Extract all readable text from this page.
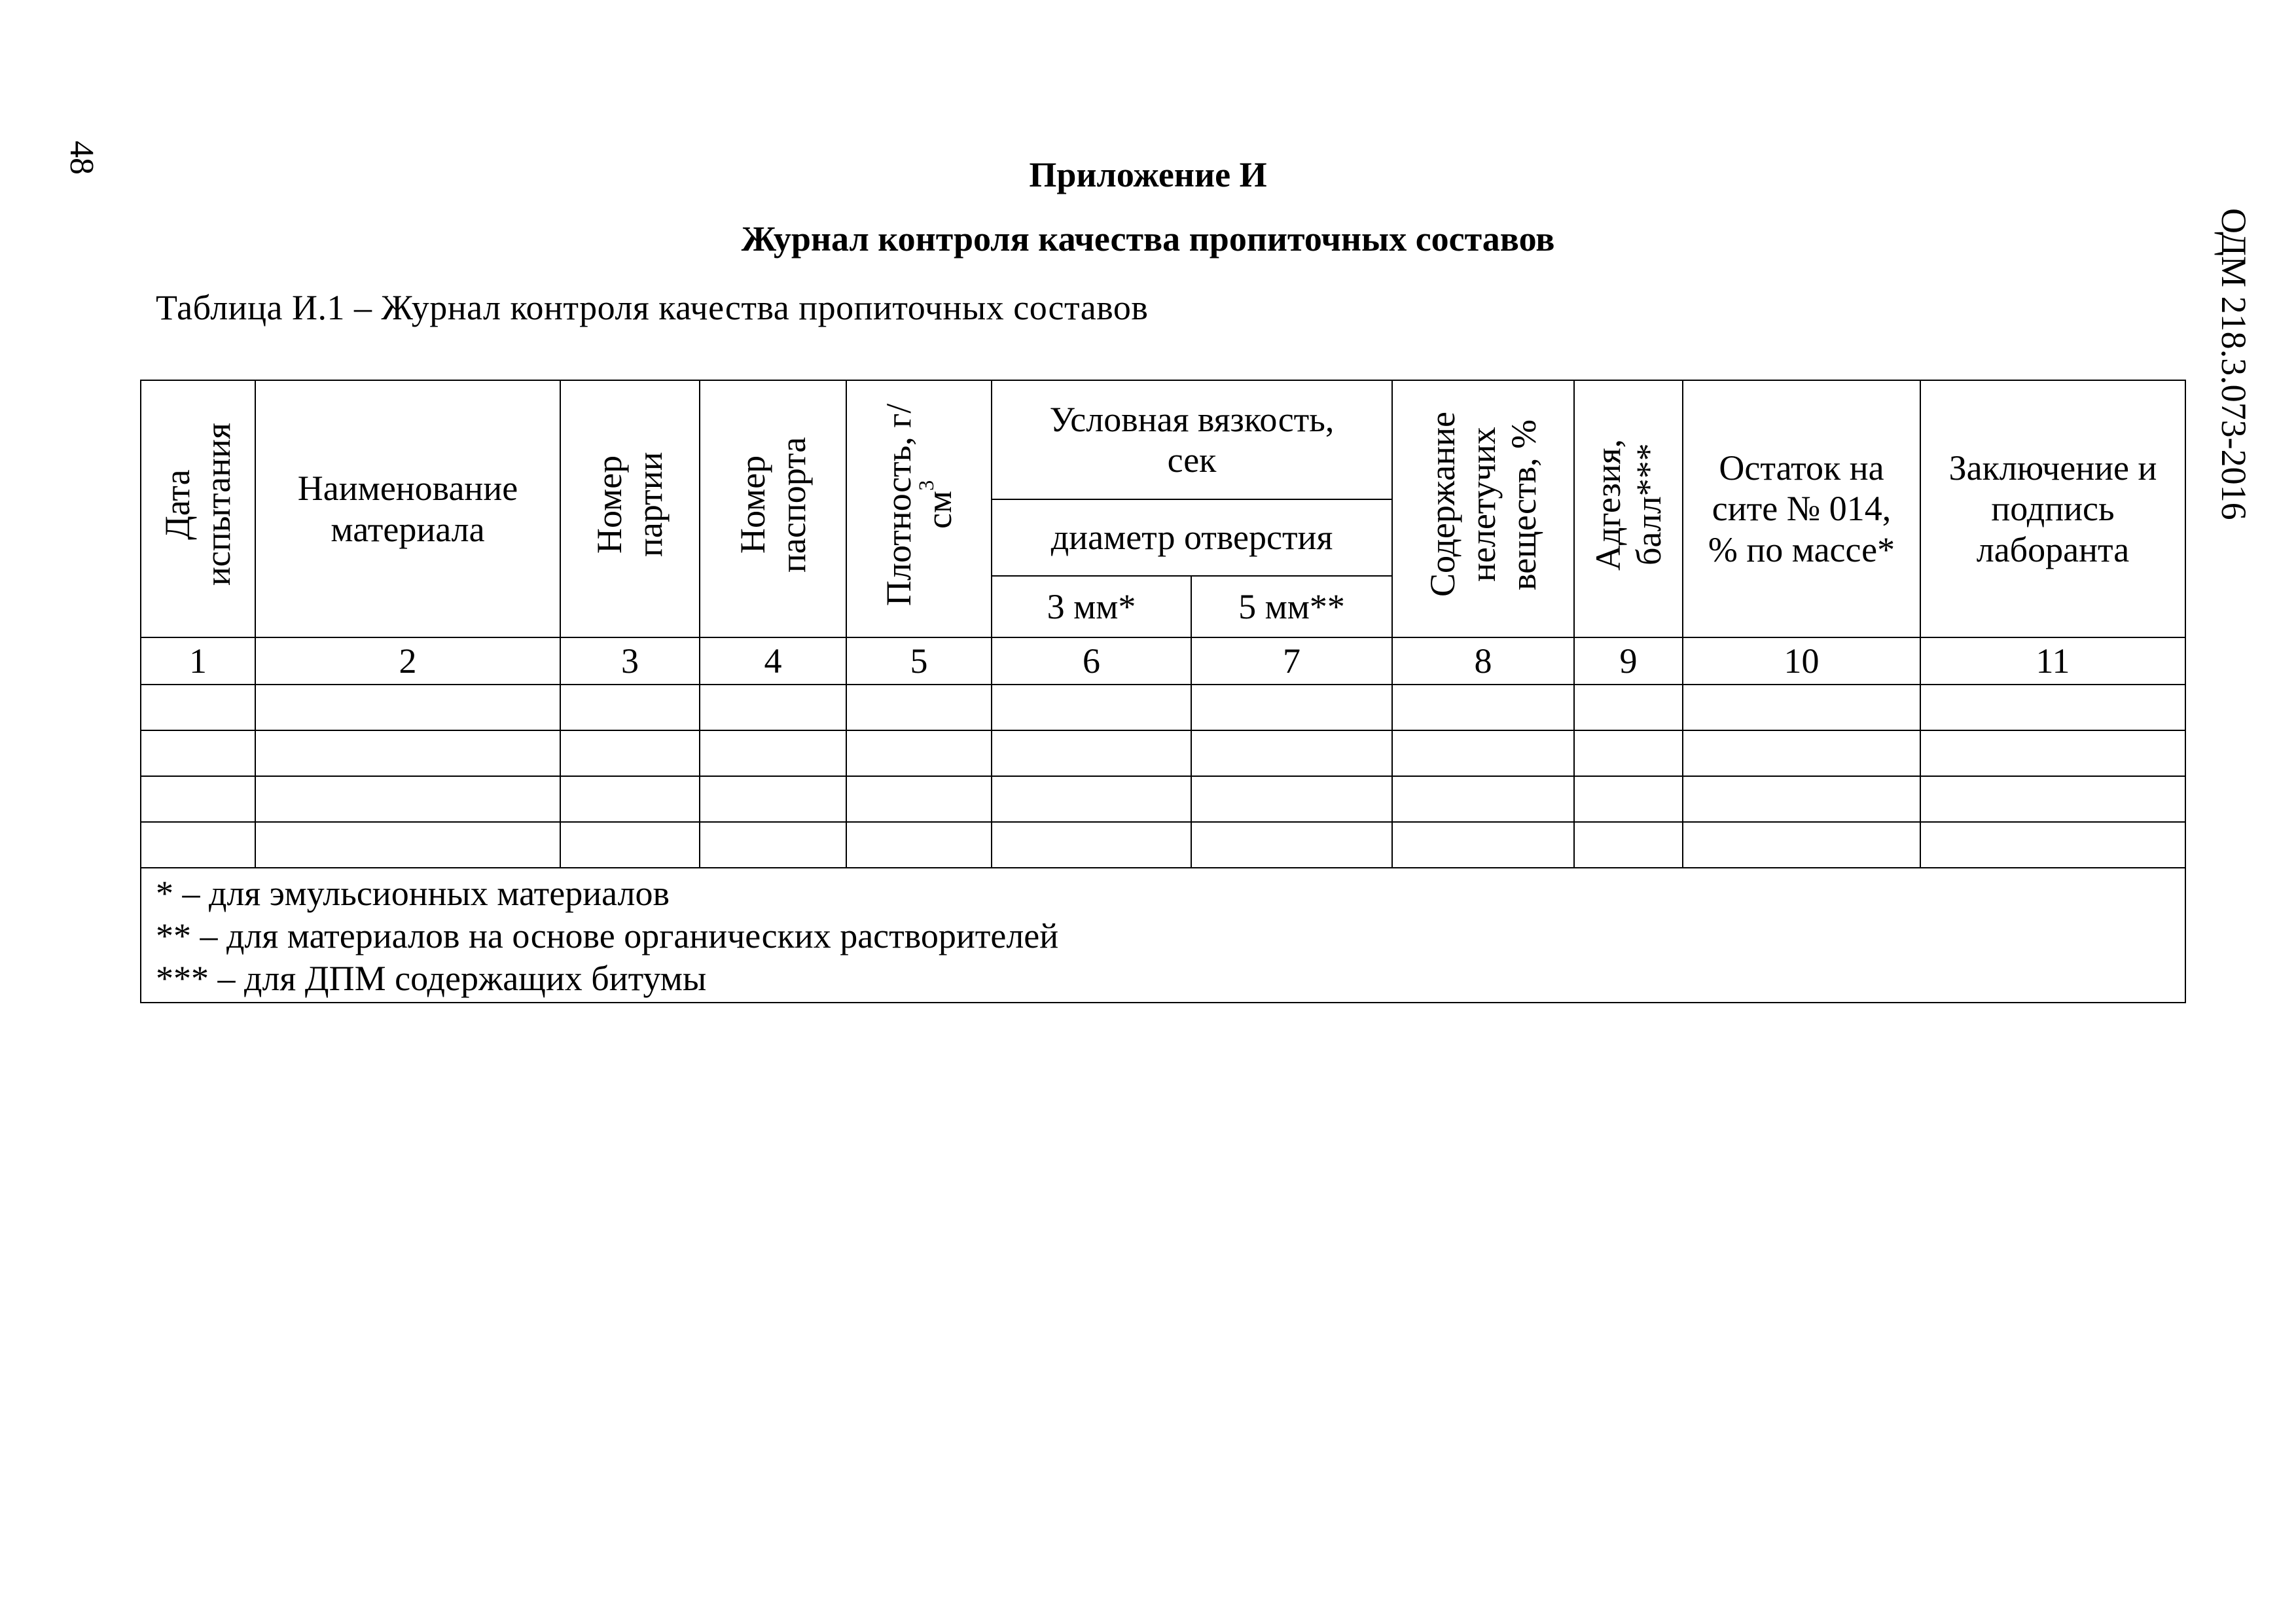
48
ОДМ 218.3.073-2016
Приложение И
Журнал контроля качества пропиточных составов
Таблица И.1 – Журнал контроля качества пропиточных составов
Дата испытания	Наименование материала	Номер партии	Номер паспорта	Плотность, $г/см^3$	Условная вязкость, сек		Содержание нелетучих веществ, %	Адгезия, балл***	Остаток на сите № 014, % по массе*	Заключение и подпись лаборанта
					диаметр отверстия					
					3 мм*	5 мм**				
1	2	3	4	5	6	7	8	9	10	11

* – для эмульсионных материалов
** – для материалов на основе органических растворителей
*** – для ДПМ содержащих битумы										
